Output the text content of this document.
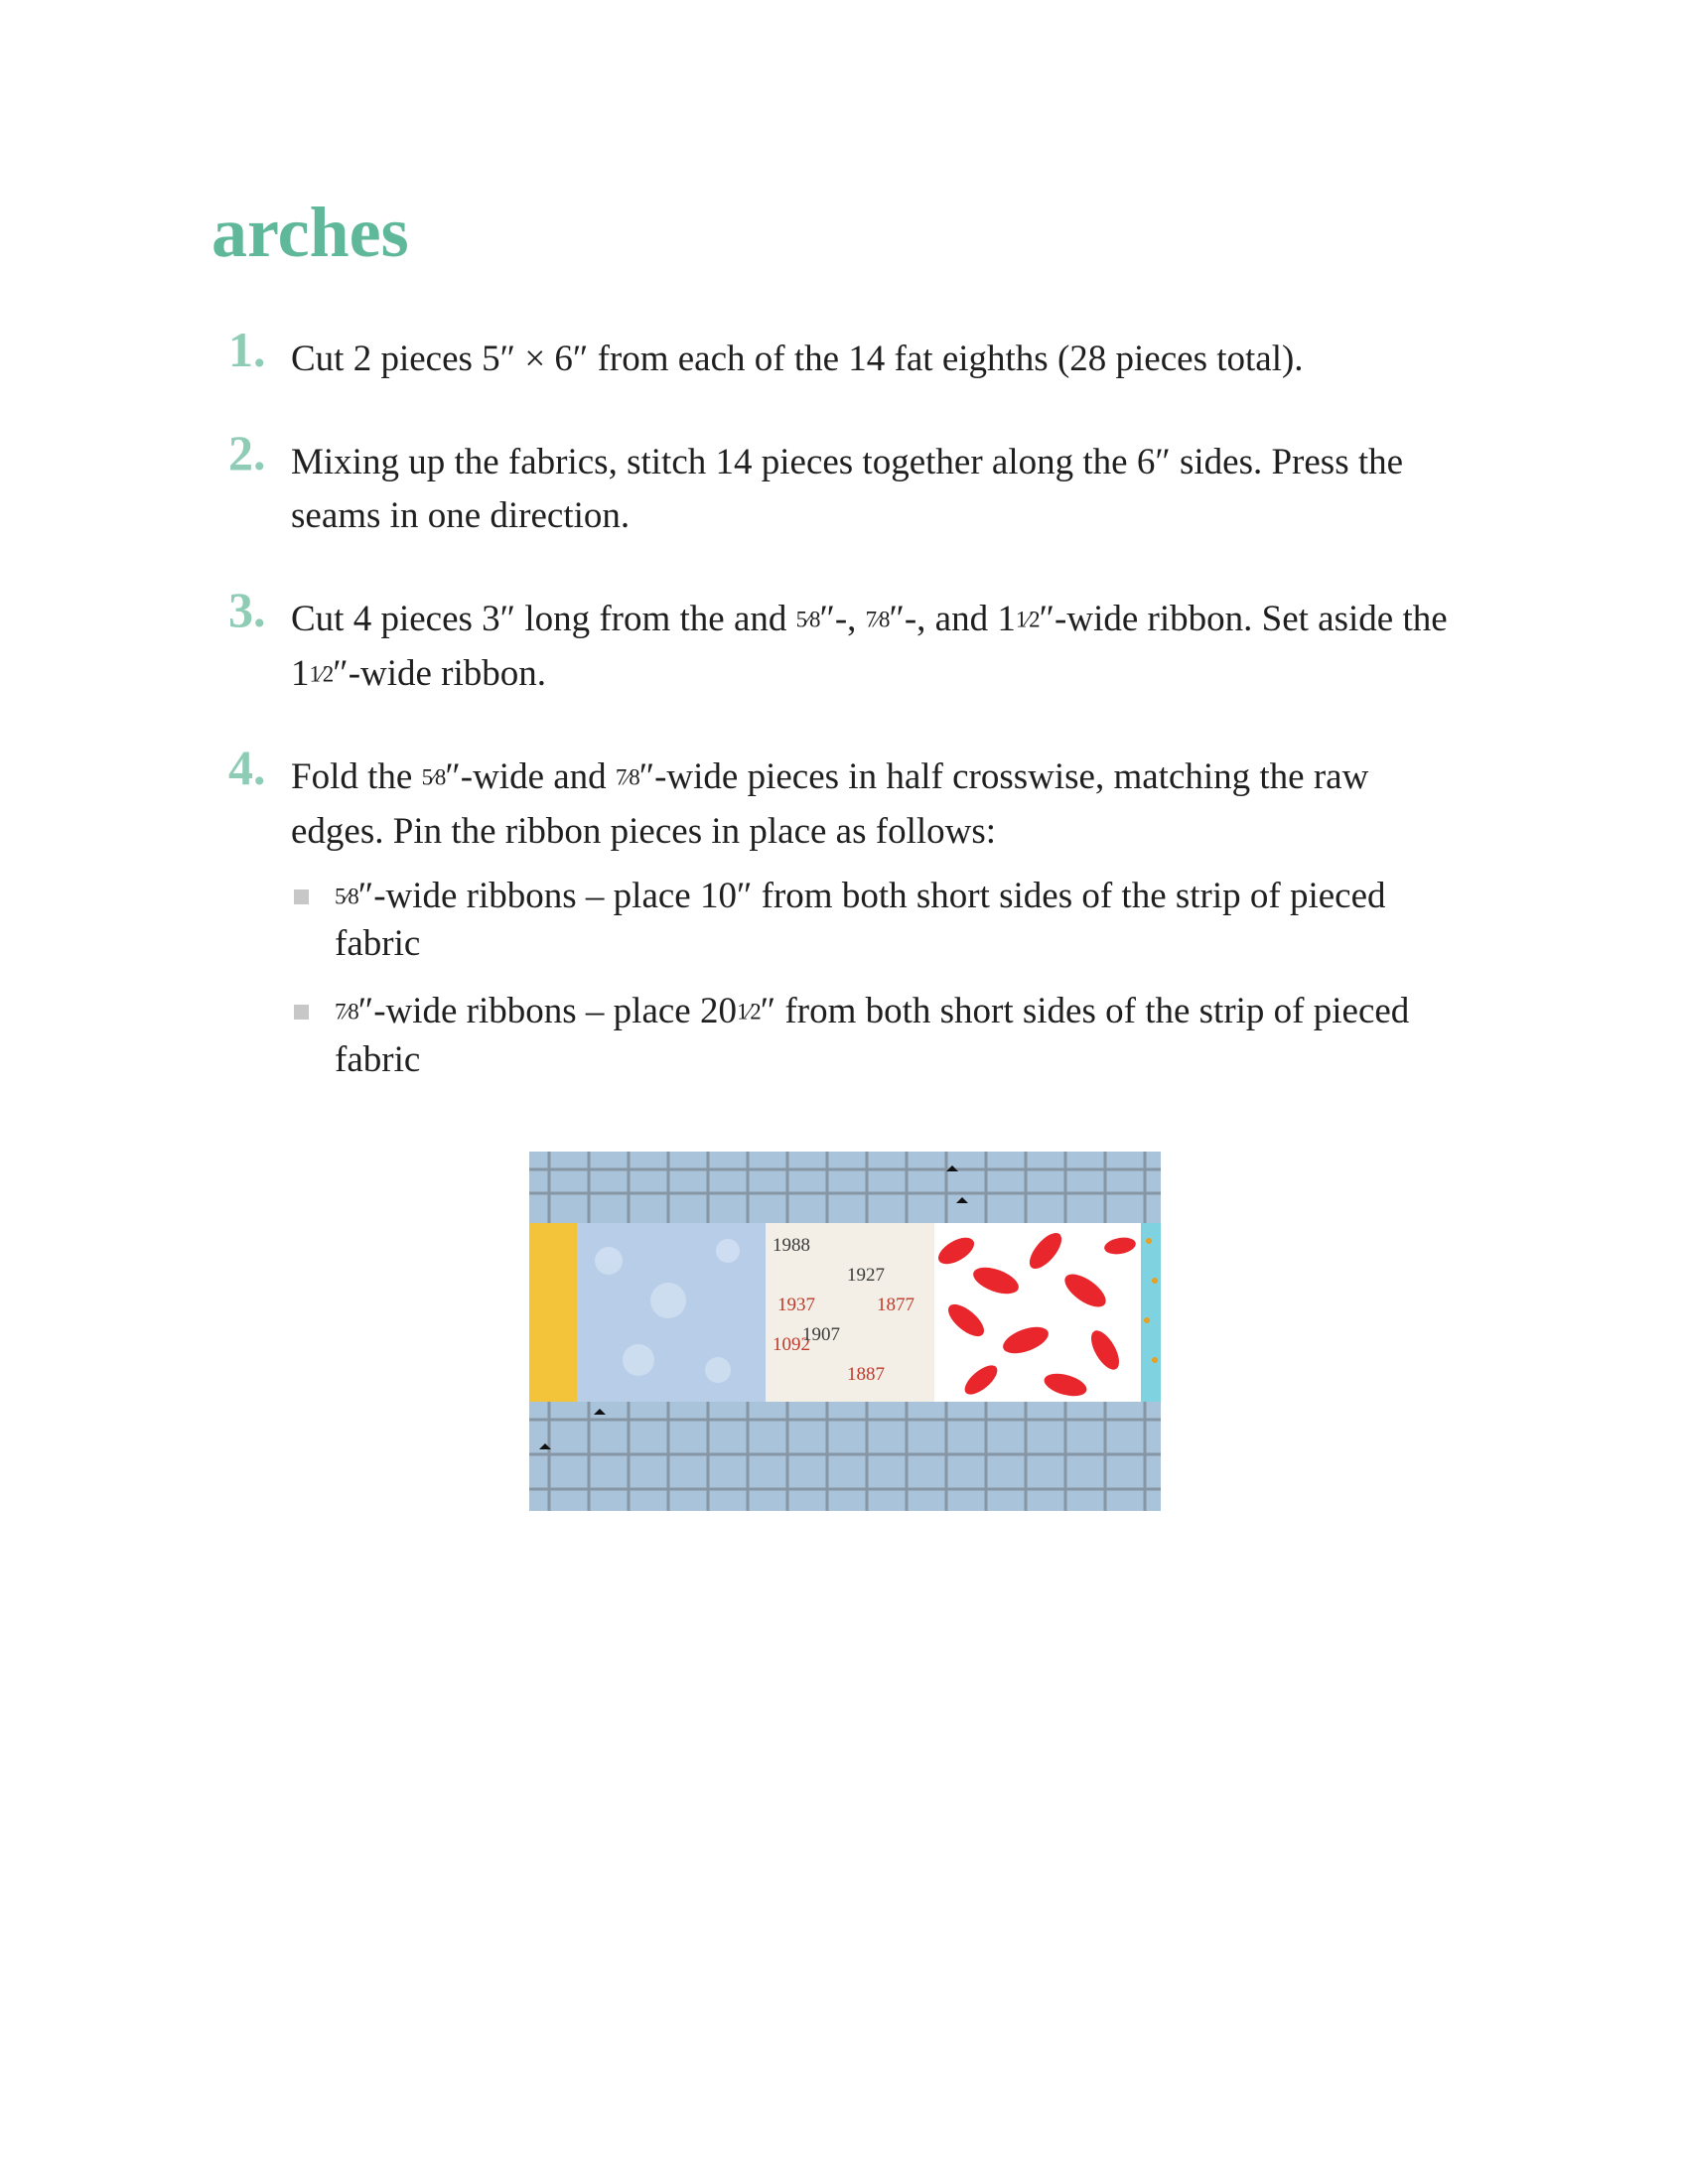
arches
1. Cut 2 pieces 5″ × 6″ from each of the 14 fat eighths (28 pieces total).
2. Mixing up the fabrics, stitch 14 pieces together along the 6″ sides. Press the seams in one direction.
3. Cut 4 pieces 3″ long from the and 5⁄8″-, 7⁄8″-, and 11⁄2″-wide ribbon. Set aside the 11⁄2″-wide ribbon.
4. Fold the 5⁄8″-wide and 7⁄8″-wide pieces in half crosswise, matching the raw edges. Pin the ribbon pieces in place as follows:
5⁄8″-wide ribbons – place 10″ from both short sides of the strip of pieced fabric
7⁄8″-wide ribbons – place 201⁄2″ from both short sides of the strip of pieced fabric
1988
1937
1092
1907
1887
1927
1877
